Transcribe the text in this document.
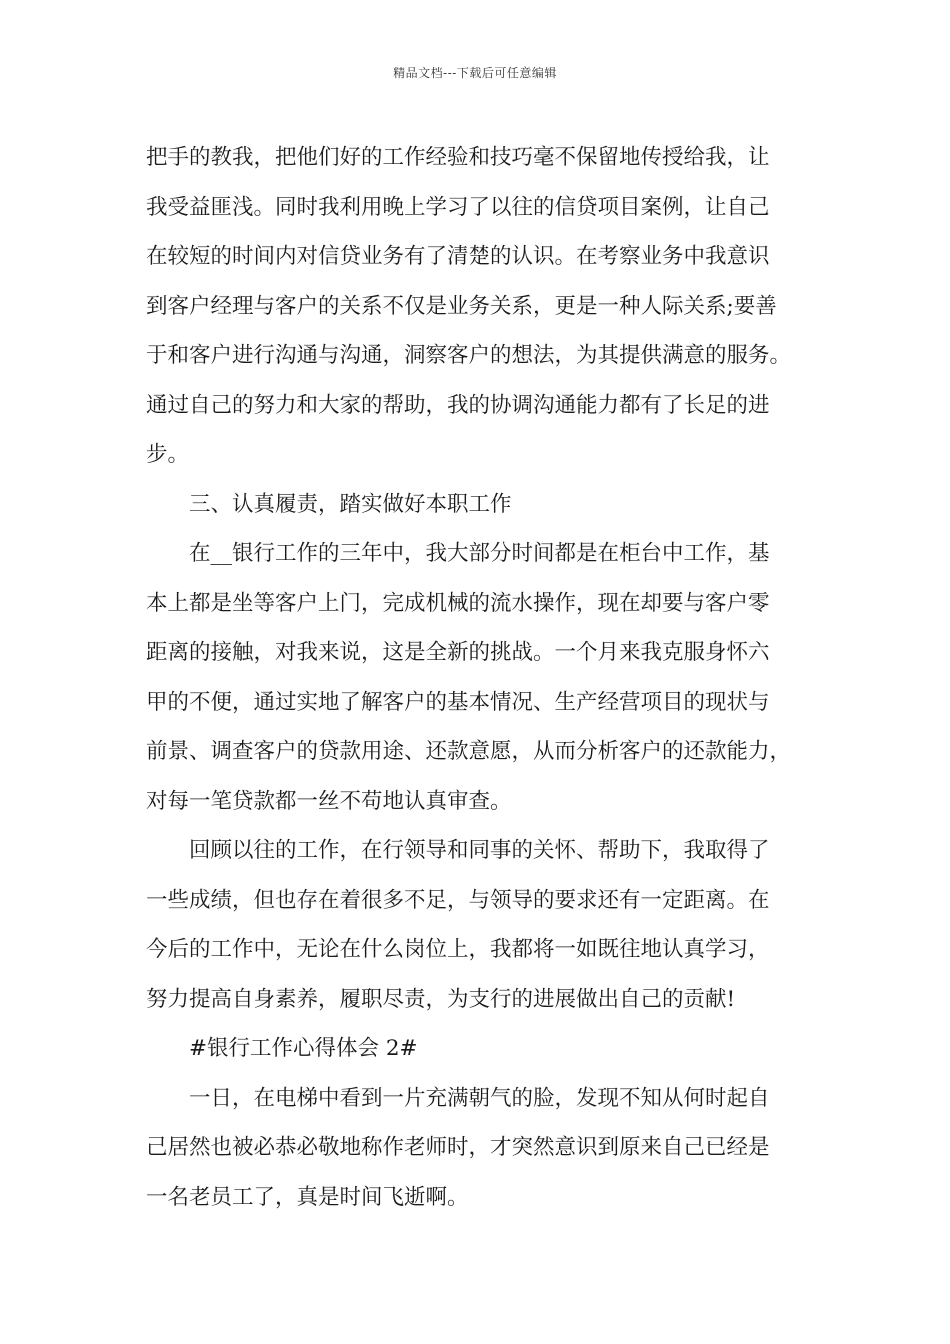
精品文档---下载后可任意编辑

把手的教我，把他们好的工作经验和技巧毫不保留地传授给我，让
我受益匪浅。同时我利用晚上学习了以往的信贷项目案例，让自己
在较短的时间内对信贷业务有了清楚的认识。在考察业务中我意识
到客户经理与客户的关系不仅是业务关系，更是一种人际关系;要善
于和客户进行沟通与沟通，洞察客户的想法，为其提供满意的服务。
通过自己的努力和大家的帮助，我的协调沟通能力都有了长足的进
步。

三、认真履责，踏实做好本职工作

在__银行工作的三年中，我大部分时间都是在柜台中工作，基
本上都是坐等客户上门，完成机械的流水操作，现在却要与客户零
距离的接触，对我来说，这是全新的挑战。一个月来我克服身怀六
甲的不便，通过实地了解客户的基本情况、生产经营项目的现状与
前景、调查客户的贷款用途、还款意愿，从而分析客户的还款能力，
对每一笔贷款都一丝不苟地认真审查。

回顾以往的工作，在行领导和同事的关怀、帮助下，我取得了
一些成绩，但也存在着很多不足，与领导的要求还有一定距离。在
今后的工作中，无论在什么岗位上，我都将一如既往地认真学习，
努力提高自身素养，履职尽责，为支行的进展做出自己的贡献!

#银行工作心得体会 2#

一日，在电梯中看到一片充满朝气的脸，发现不知从何时起自
己居然也被必恭必敬地称作老师时，才突然意识到原来自己已经是
一名老员工了，真是时间飞逝啊。
